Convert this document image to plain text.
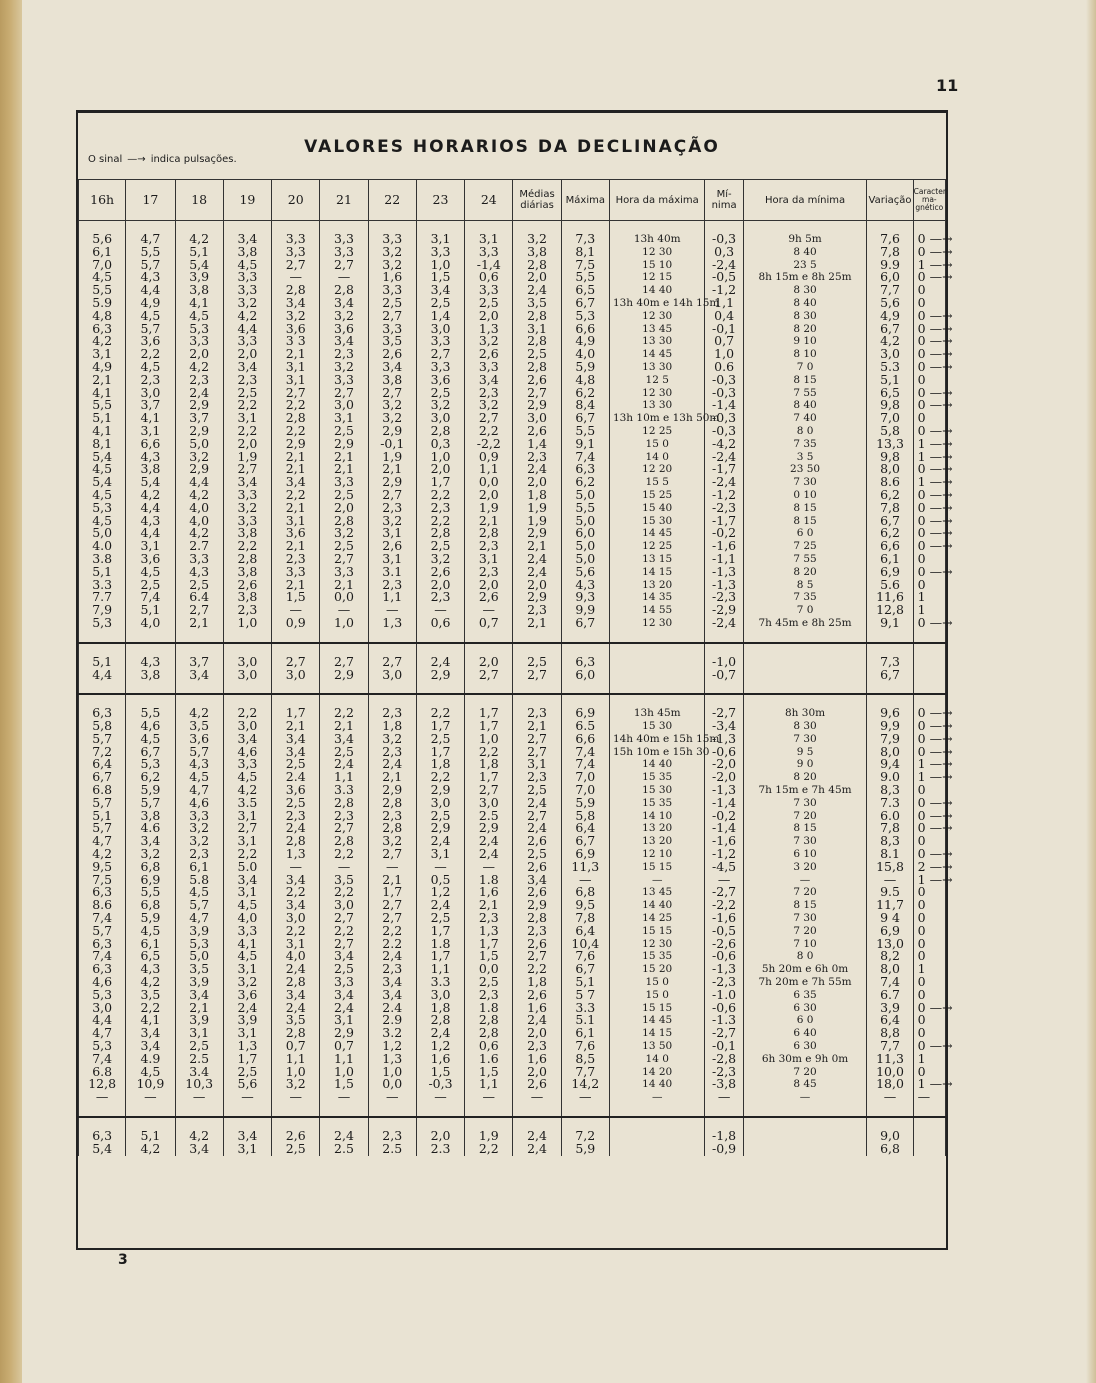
11
VALORES HORARIOS DA DECLINAÇÃO
O sinal —→ indica pulsações.
16h	17	18	19	20	21	22	23	24	Médias diárias	Máxima	Hora da máxima	Mí- nima	Hora da mínima	Variação	Caracter ma- gnético

5,6	4,7	4,2	3,4	3,3	3,3	3,3	3,1	3,1	3,2	7,3	13h 40m	-0,3	9h 5m	7,6	0 —→
6,1	5,5	5,1	3,8	3,3	3,3	3,2	3,3	3,3	3,8	8,1	12 30	0,3	8 40	7,8	0 —→
7,0	5,7	5,4	4,5	2,7	2,7	3,2	1,0	-1,4	2,8	7,5	15 10	-2,4	23 5	9.9	1 —→
4,5	4,3	3,9	3,3	—	—	1,6	1,5	0,6	2,0	5,5	12 15	-0,5	8h 15m e 8h 25m	6,0	0 —→
5,5	4,4	3,8	3,3	2,8	2,8	3,3	3,4	3,3	2,4	6,5	14 40	-1,2	8 30	7,7	0
5.9	4,9	4,1	3,2	3,4	3,4	2,5	2,5	2,5	3,5	6,7	13h 40m e 14h 15m	1,1	8 40	5,6	0
4,8	4,5	4,5	4,2	3,2	3,2	2,7	1,4	2,0	2,8	5,3	12 30	0,4	8 30	4,9	0 —→
6,3	5,7	5,3	4,4	3,6	3,6	3,3	3,0	1,3	3,1	6,6	13 45	-0,1	8 20	6,7	0 —→
4,2	3,6	3,3	3,3	3 3	3,4	3,5	3,3	3,2	2,8	4,9	13 30	0,7	9 10	4,2	0 —→
3,1	2,2	2,0	2,0	2,1	2,3	2,6	2,7	2,6	2,5	4,0	14 45	1,0	8 10	3,0	0 —→
4,9	4,5	4,2	3,4	3,1	3,2	3,4	3,3	3,3	2,8	5,9	13 30	0.6	7 0	5.3	0 —→
2,1	2,3	2,3	2,3	3,1	3,3	3,8	3,6	3,4	2,6	4,8	12 5	-0,3	8 15	5,1	0
4,1	3,0	2,4	2,5	2,7	2,7	2,7	2,5	2,3	2,7	6,2	12 30	-0,3	7 55	6,5	0 —→
5,5	3,7	2,9	2,2	2,2	3,0	3,2	3,2	3,2	2,9	8,4	13 30	-1,4	8 40	9,8	0 —→
5,1	4,1	3,7	3,1	2,8	3,1	3,2	3,0	2,7	3,0	6,7	13h 10m e 13h 50m	-0,3	7 40	7,0	0
4,1	3,1	2,9	2,2	2,2	2,5	2,9	2,8	2,2	2,6	5,5	12 25	-0,3	8 0	5,8	0 —→
8,1	6,6	5,0	2,0	2,9	2,9	-0,1	0,3	-2,2	1,4	9,1	15 0	-4,2	7 35	13,3	1 —→
5,4	4,3	3,2	1,9	2,1	2,1	1,9	1,0	0,9	2,3	7,4	14 0	-2,4	3 5	9,8	1 —→
4,5	3,8	2,9	2,7	2,1	2,1	2,1	2,0	1,1	2,4	6,3	12 20	-1,7	23 50	8,0	0 —→
5,4	5,4	4,4	3,4	3,4	3,3	2,9	1,7	0,0	2,0	6,2	15 5	-2,4	7 30	8.6	1 —→
4,5	4,2	4,2	3,3	2,2	2,5	2,7	2,2	2,0	1,8	5,0	15 25	-1,2	0 10	6,2	0 —→
5,3	4,4	4,0	3,2	2,1	2,0	2,3	2,3	1,9	1,9	5,5	15 40	-2,3	8 15	7,8	0 —→
4,5	4,3	4,0	3,3	3,1	2,8	3,2	2,2	2,1	1,9	5,0	15 30	-1,7	8 15	6,7	0 —→
5,0	4,4	4,2	3,8	3,6	3,2	3,1	2,8	2,8	2,9	6,0	14 45	-0,2	6 0	6,2	0 —→
4.0	3,1	2.7	2,2	2,1	2,5	2,6	2,5	2,3	2,1	5,0	12 25	-1,6	7 25	6,6	0 —→
3.8	3,6	3,3	2,8	2,3	2,7	3,1	3,2	3,1	2,4	5,0	13 15	-1,1	7 55	6,1	0
5,1	4,5	4,3	3,8	3,3	3,3	3.1	2,6	2,3	2,4	5,6	14 15	-1,3	8 20	6,9	0 —→
3.3	2,5	2,5	2,6	2,1	2,1	2,3	2,0	2,0	2,0	4,3	13 20	-1,3	8 5	5.6	0
7.7	7,4	6.4	3,8	1,5	0,0	1,1	2,3	2,6	2,9	9,3	14 35	-2,3	7 35	11,6	1
7,9	5,1	2,7	2,3	—	—	—	—	—	2,3	9,9	14 55	-2,9	7 0	12,8	1
5,3	4,0	2,1	1,0	0,9	1,0	1,3	0,6	0,7	2,1	6,7	12 30	-2,4	7h 45m e 8h 25m	9,1	0 —→

5,1	4,3	3,7	3,0	2,7	2,7	2,7	2,4	2,0	2,5	6,3		-1,0		7,3	
4,4	3,8	3,4	3,0	3,0	2,9	3,0	2,9	2,7	2,7	6,0		-0,7		6,7	

6,3	5,5	4,2	2,2	1,7	2,2	2,3	2,2	1,7	2,3	6,9	13h 45m	-2,7	8h 30m	9,6	0 —→
5,8	4,6	3,5	3,0	2,1	2,1	1,8	1,7	1,7	2,1	6.5	15 30	-3,4	8 30	9,9	0 —→
5,7	4,5	3,6	3,4	3,4	3,4	3,2	2,5	1,0	2,7	6,6	14h 40m e 15h 15m	-1,3	7 30	7,9	0 —→
7,2	6,7	5,7	4,6	3,4	2,5	2,3	1,7	2,2	2,7	7,4	15h 10m e 15h 30	-0,6	9 5	8,0	0 —→
6,4	5,3	4,3	3,3	2,5	2,4	2,4	1,8	1,8	3,1	7,4	14 40	-2,0	9 0	9,4	1 —→
6,7	6,2	4,5	4,5	2.4	1,1	2,1	2,2	1,7	2,3	7,0	15 35	-2,0	8 20	9.0	1 —→
6.8	5,9	4,7	4,2	3,6	3.3	2,9	2,9	2,7	2,5	7,0	15 30	-1,3	7h 15m e 7h 45m	8,3	0
5,7	5,7	4,6	3.5	2,5	2,8	2,8	3,0	3,0	2,4	5,9	15 35	-1,4	7 30	7.3	0 —→
5,1	3,8	3,3	3,1	2,3	2,3	2,3	2,5	2.5	2,7	5,8	14 10	-0,2	7 20	6.0	0 —→
5,7	4.6	3,2	2,7	2,4	2,7	2,8	2,9	2,9	2,4	6,4	13 20	-1,4	8 15	7,8	0 —→
4,7	3,4	3,2	3,1	2,8	2,8	3,2	2,4	2,4	2,6	6,7	13 20	-1,6	7 30	8,3	0
4,2	3,2	2,3	2,2	1,3	2,2	2,7	3,1	2,4	2,5	6,9	12 10	-1,2	6 10	8.1	0 —→
9,5	6,8	6,1	5.0	—	—	—	—	—	2,6	11,3	15 15	-4,5	3 20	15,8	2 —→
7,5	6,9	5.8	3,4	3,4	3,5	2,1	0,5	1.8	3,4	—	—	—	—	—	1 —→
6,3	5,5	4,5	3,1	2,2	2,2	1,7	1,2	1,6	2,6	6,8	13 45	-2,7	7 20	9.5	0
8.6	6,8	5,7	4,5	3,4	3,0	2,7	2,4	2,1	2,9	9,5	14 40	-2,2	8 15	11,7	0
7,4	5,9	4,7	4,0	3,0	2,7	2,7	2,5	2,3	2,8	7,8	14 25	-1,6	7 30	9 4	0
5,7	4,5	3,9	3,3	2,2	2,2	2,2	1,7	1,3	2,3	6,4	15 15	-0,5	7 20	6,9	0
6,3	6,1	5,3	4,1	3,1	2,7	2.2	1.8	1,7	2,6	10,4	12 30	-2,6	7 10	13,0	0
7,4	6,5	5,0	4,5	4,0	3,4	2,4	1,7	1,5	2,7	7,6	15 35	-0,6	8 0	8,2	0
6,3	4,3	3,5	3,1	2,4	2,5	2,3	1,1	0,0	2,2	6,7	15 20	-1,3	5h 20m e 6h 0m	8,0	1
4,6	4,2	3,9	3,2	2,8	3,3	3,4	3.3	2,5	1,8	5,1	15 0	-2,3	7h 20m e 7h 55m	7,4	0
5,3	3,5	3,4	3,6	3,4	3,4	3,4	3,0	2,3	2,6	5 7	15 0	-1.0	6 35	6.7	0
3,0	2,2	2,1	2,4	2,4	2,4	2.4	1,8	1.8	1,6	3.3	15 15	-0,6	6 30	3,9	0 —→
4,4	4,1	3,9	3,9	3,5	3,1	2.9	2,8	2,8	2,4	5.1	14 45	-1.3	6 0	6,4	0
4,7	3,4	3,1	3,1	2,8	2,9	3.2	2,4	2,8	2,0	6,1	14 15	-2,7	6 40	8,8	0
5,3	3,4	2,5	1,3	0,7	0,7	1,2	1,2	0,6	2,3	7,6	13 50	-0,1	6 30	7,7	0 —→
7,4	4.9	2.5	1,7	1,1	1,1	1,3	1,6	1.6	1,6	8,5	14 0	-2,8	6h 30m e 9h 0m	11,3	1
6.8	4,5	3.4	2,5	1,0	1,0	1,0	1,5	1,5	2,0	7,7	14 20	-2,3	7 20	10,0	0
12,8	10,9	10,3	5,6	3,2	1,5	0,0	-0,3	1,1	2,6	14,2	14 40	-3,8	8 45	18,0	1 —→
—	—	—	—	—	—	—	—	—	—	—	—	—	—	—	—

6,3	5,1	4,2	3,4	2,6	2,4	2,3	2,0	1,9	2,4	7,2		-1,8		9,0	
5,4	4,2	3,4	3,1	2,5	2.5	2.5	2.3	2,2	2,4	5,9		-0,9		6,8	
3
